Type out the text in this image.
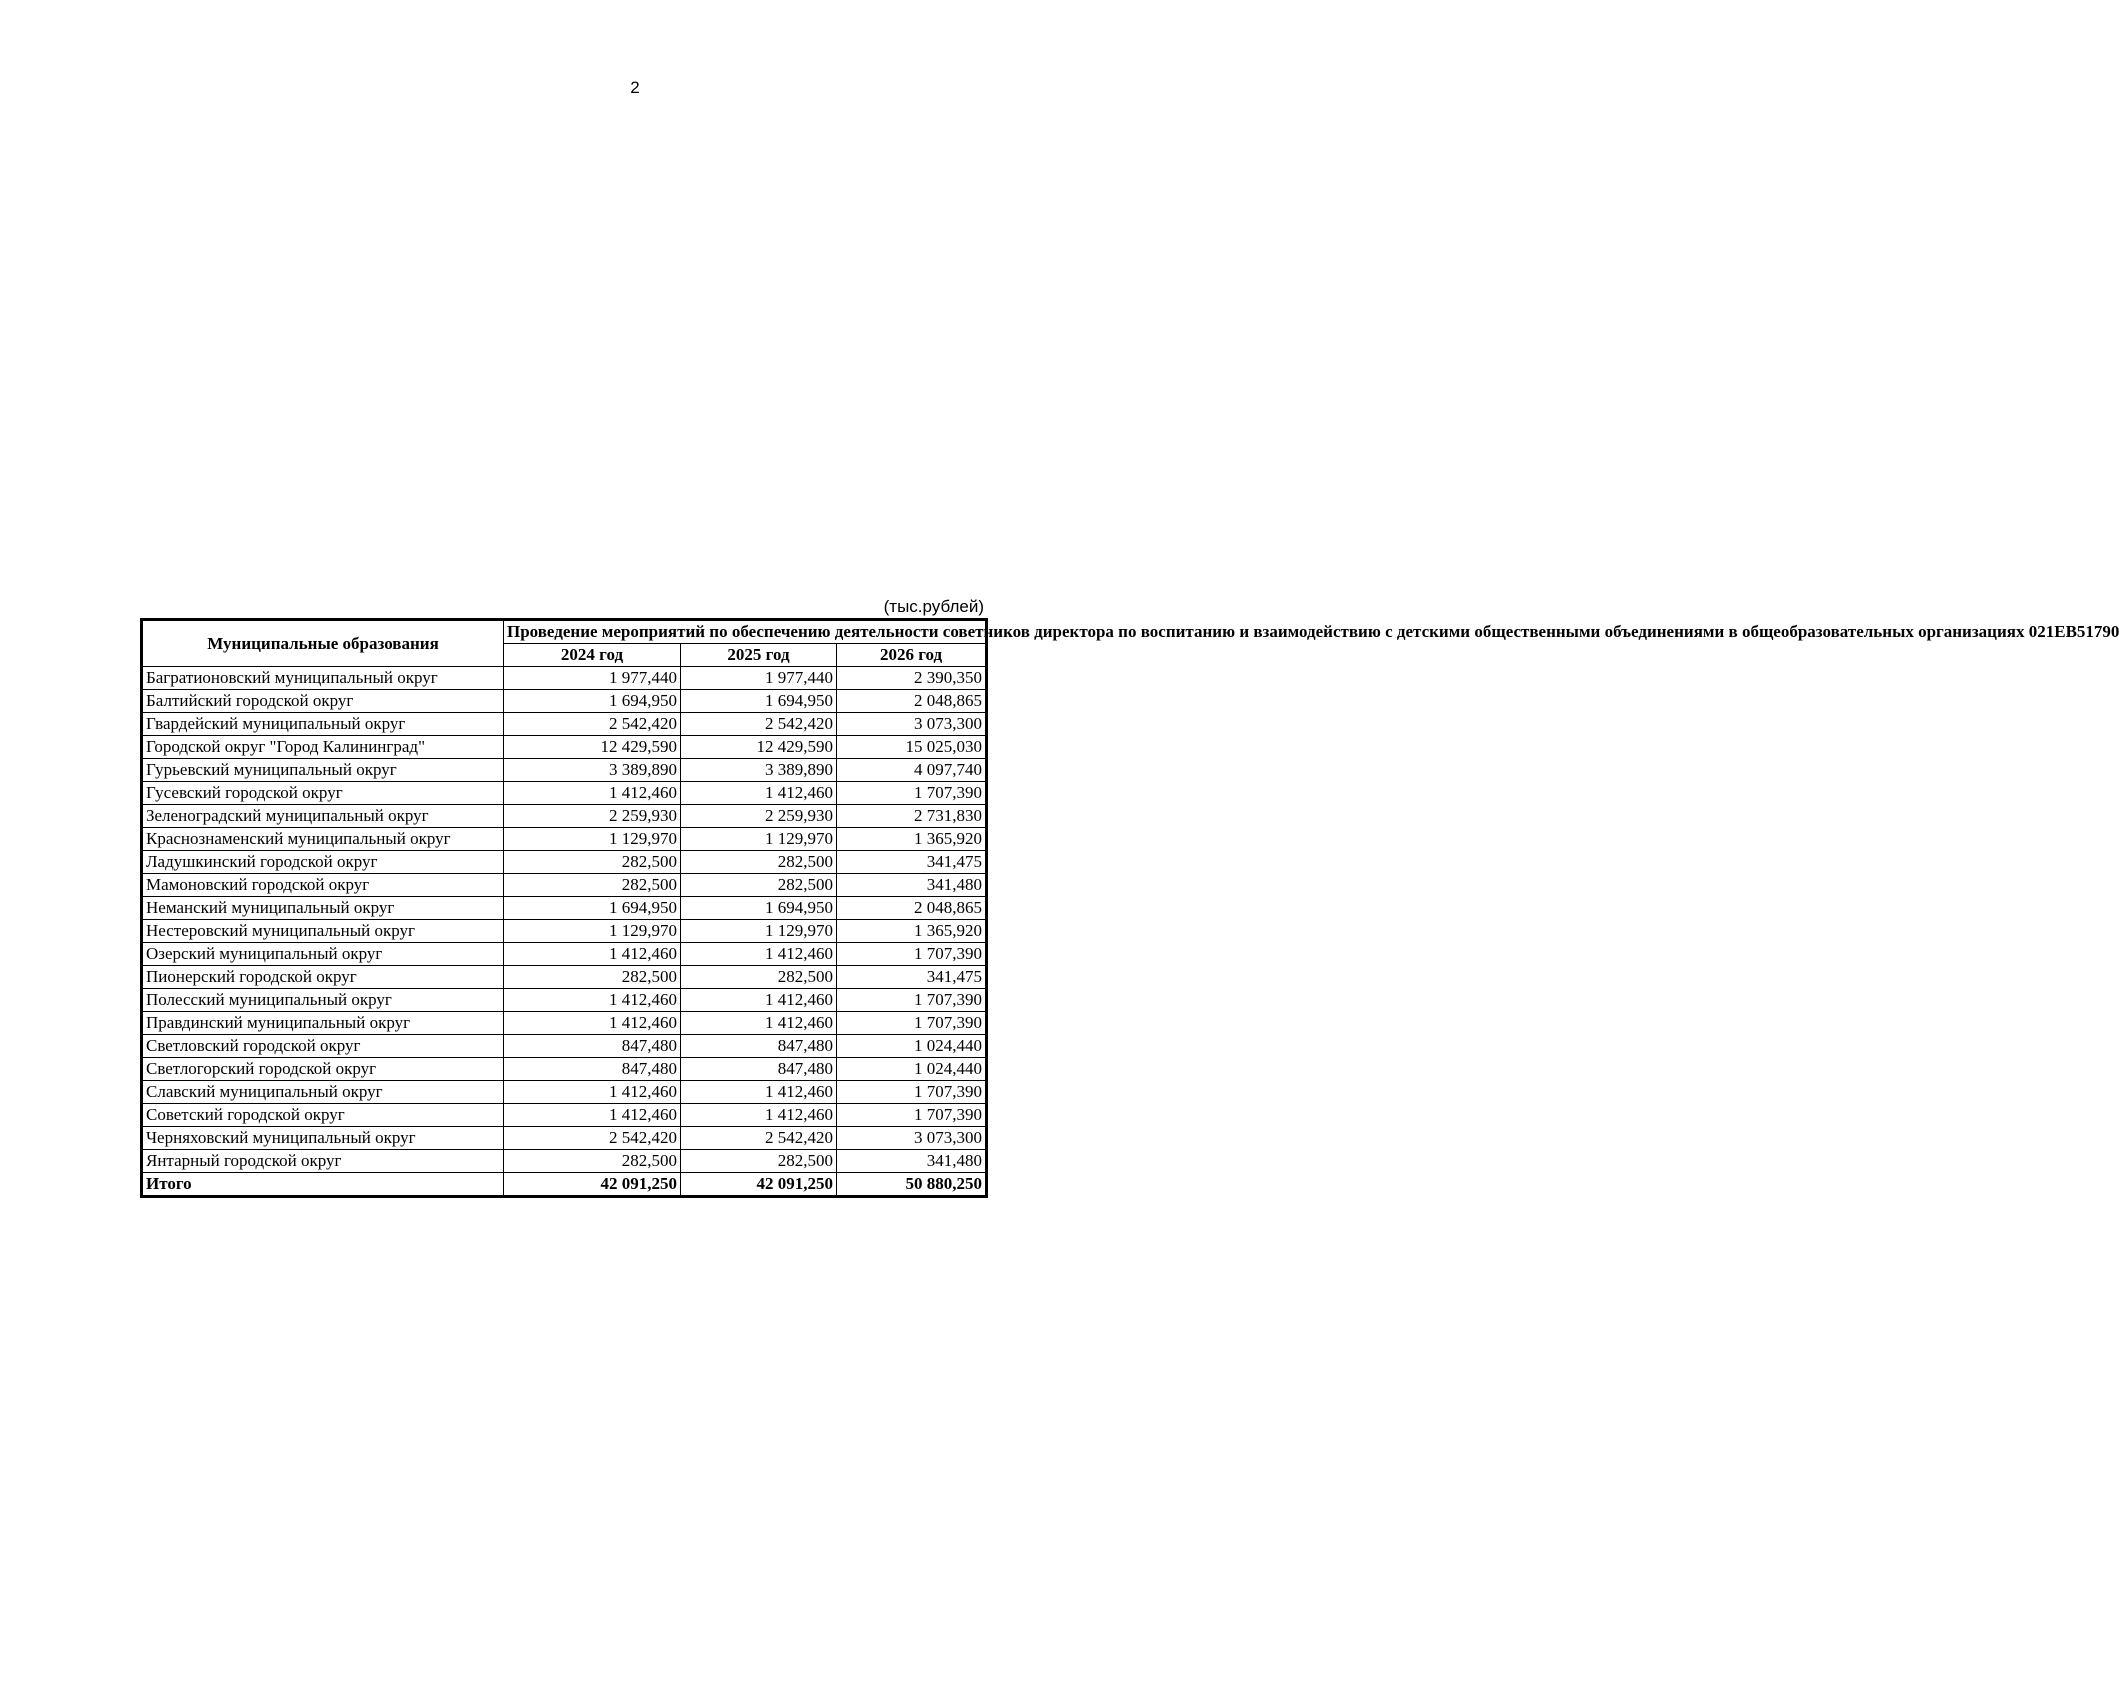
2
(тыс.рублей)
Муниципальные образования	Проведение мероприятий по обеспечению деятельности советников директора по воспитанию и взаимодействию с детскими общественными объединениями в общеобразовательных организациях 021EB51790		
	2024 год	2025 год	2026 год
Багратионовский муниципальный округ	1 977,440	1 977,440	2 390,350
Балтийский городской округ	1 694,950	1 694,950	2 048,865
Гвардейский муниципальный округ	2 542,420	2 542,420	3 073,300
Городской округ "Город Калининград"	12 429,590	12 429,590	15 025,030
Гурьевский муниципальный округ	3 389,890	3 389,890	4 097,740
Гусевский городской округ	1 412,460	1 412,460	1 707,390
Зеленоградский муниципальный округ	2 259,930	2 259,930	2 731,830
Краснознаменский муниципальный округ	1 129,970	1 129,970	1 365,920
Ладушкинский городской округ	282,500	282,500	341,475
Мамоновский городской округ	282,500	282,500	341,480
Неманский муниципальный округ	1 694,950	1 694,950	2 048,865
Нестеровский муниципальный округ	1 129,970	1 129,970	1 365,920
Озерский муниципальный округ	1 412,460	1 412,460	1 707,390
Пионерский городской округ	282,500	282,500	341,475
Полесский муниципальный округ	1 412,460	1 412,460	1 707,390
Правдинский муниципальный округ	1 412,460	1 412,460	1 707,390
Светловский городской округ	847,480	847,480	1 024,440
Светлогорский городской округ	847,480	847,480	1 024,440
Славский муниципальный округ	1 412,460	1 412,460	1 707,390
Советский городской округ	1 412,460	1 412,460	1 707,390
Черняховский муниципальный округ	2 542,420	2 542,420	3 073,300
Янтарный городской округ	282,500	282,500	341,480
Итого	42 091,250	42 091,250	50 880,250
